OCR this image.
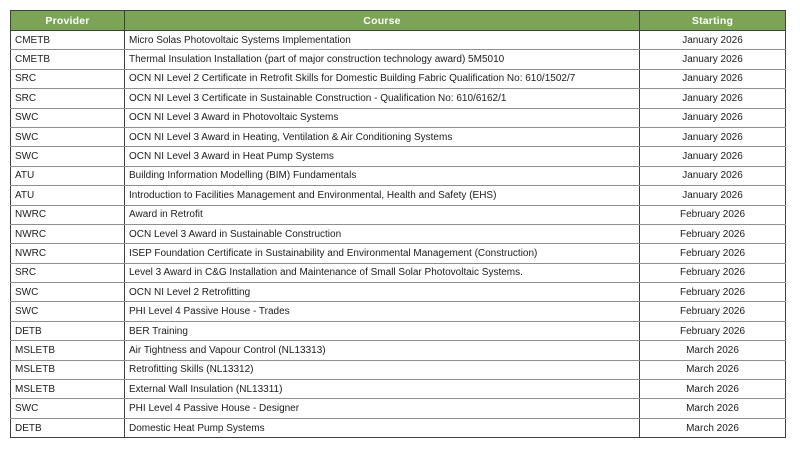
Provider	Course	Starting
CMETB	Micro Solas Photovoltaic Systems Implementation	January 2026
CMETB	Thermal Insulation Installation (part of major construction technology award) 5M5010	January 2026
SRC	OCN NI Level 2 Certificate in Retrofit Skills for Domestic Building Fabric Qualification No: 610/1502/7	January 2026
SRC	OCN NI Level 3 Certificate in Sustainable Construction - Qualification No: 610/6162/1	January 2026
SWC	OCN NI Level 3 Award in Photovoltaic Systems	January 2026
SWC	OCN NI Level 3 Award in Heating, Ventilation & Air Conditioning Systems	January 2026
SWC	OCN NI Level 3 Award in Heat Pump Systems	January 2026
ATU	Building Information Modelling (BIM) Fundamentals	January 2026
ATU	Introduction to Facilities Management and Environmental, Health and Safety (EHS)	January 2026
NWRC	Award in Retrofit	February 2026
NWRC	OCN Level 3 Award in Sustainable Construction	February 2026
NWRC	ISEP Foundation Certificate in Sustainability and Environmental Management (Construction)	February 2026
SRC	Level 3 Award in C&G Installation and Maintenance of Small Solar Photovoltaic Systems.	February 2026
SWC	OCN NI Level 2 Retrofitting	February 2026
SWC	PHI Level 4 Passive House - Trades	February 2026
DETB	BER Training	February 2026
MSLETB	Air Tightness and Vapour Control (NL13313)	March 2026
MSLETB	Retrofitting Skills (NL13312)	March 2026
MSLETB	External Wall Insulation (NL13311)	March 2026
SWC	PHI Level 4 Passive House - Designer	March 2026
DETB	Domestic Heat Pump Systems	March 2026
